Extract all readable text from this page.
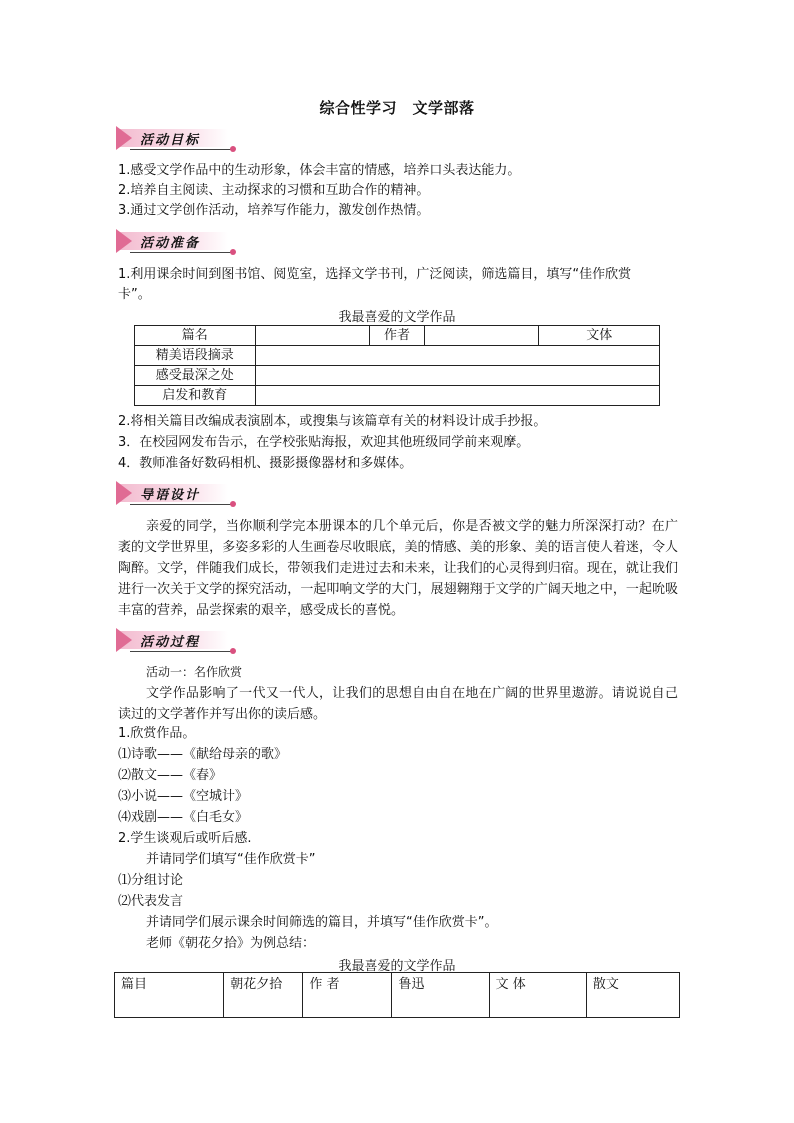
综合性学习　文学部落
活动目标
1.感受文学作品中的生动形象，体会丰富的情感，培养口头表达能力。
2.培养自主阅读、主动探求的习惯和互助合作的精神。
3.通过文学创作活动，培养写作能力，激发创作热情。
活动准备
1.利用课余时间到图书馆、阅览室，选择文学书刊，广泛阅读，筛选篇目，填写“佳作欣赏
卡”。
我最喜爱的文学作品
篇名		作者		文体
精美语段摘录				
感受最深之处				
启发和教育				
2.将相关篇目改编成表演剧本，或搜集与该篇章有关的材料设计成手抄报。
3．在校园网发布告示，在学校张贴海报，欢迎其他班级同学前来观摩。
4．教师准备好数码相机、摄影摄像器材和多媒体。
导语设计
亲爱的同学，当你顺利学完本册课本的几个单元后，你是否被文学的魅力所深深打动？在广袤的文学世界里，多姿多彩的人生画卷尽收眼底，美的情感、美的形象、美的语言使人着迷，令人陶醉。文学，伴随我们成长，带领我们走进过去和未来，让我们的心灵得到归宿。现在，就让我们进行一次关于文学的探究活动，一起叩响文学的大门，展翅翱翔于文学的广阔天地之中，一起吮吸丰富的营养，品尝探索的艰辛，感受成长的喜悦。
活动过程
活动一：名作欣赏
文学作品影响了一代又一代人，让我们的思想自由自在地在广阔的世界里遨游。请说说自己读过的文学著作并写出你的读后感。
1.欣赏作品。
⑴诗歌——《献给母亲的歌》
⑵散文——《春》
⑶小说——《空城计》
⑷戏剧——《白毛女》
2.学生谈观后或听后感.
并请同学们填写“佳作欣赏卡”
⑴分组讨论
⑵代表发言
并请同学们展示课余时间筛选的篇目，并填写“佳作欣赏卡”。
老师《朝花夕拾》为例总结：
我最喜爱的文学作品
篇目	朝花夕拾	作 者	鲁迅	文 体	散文
